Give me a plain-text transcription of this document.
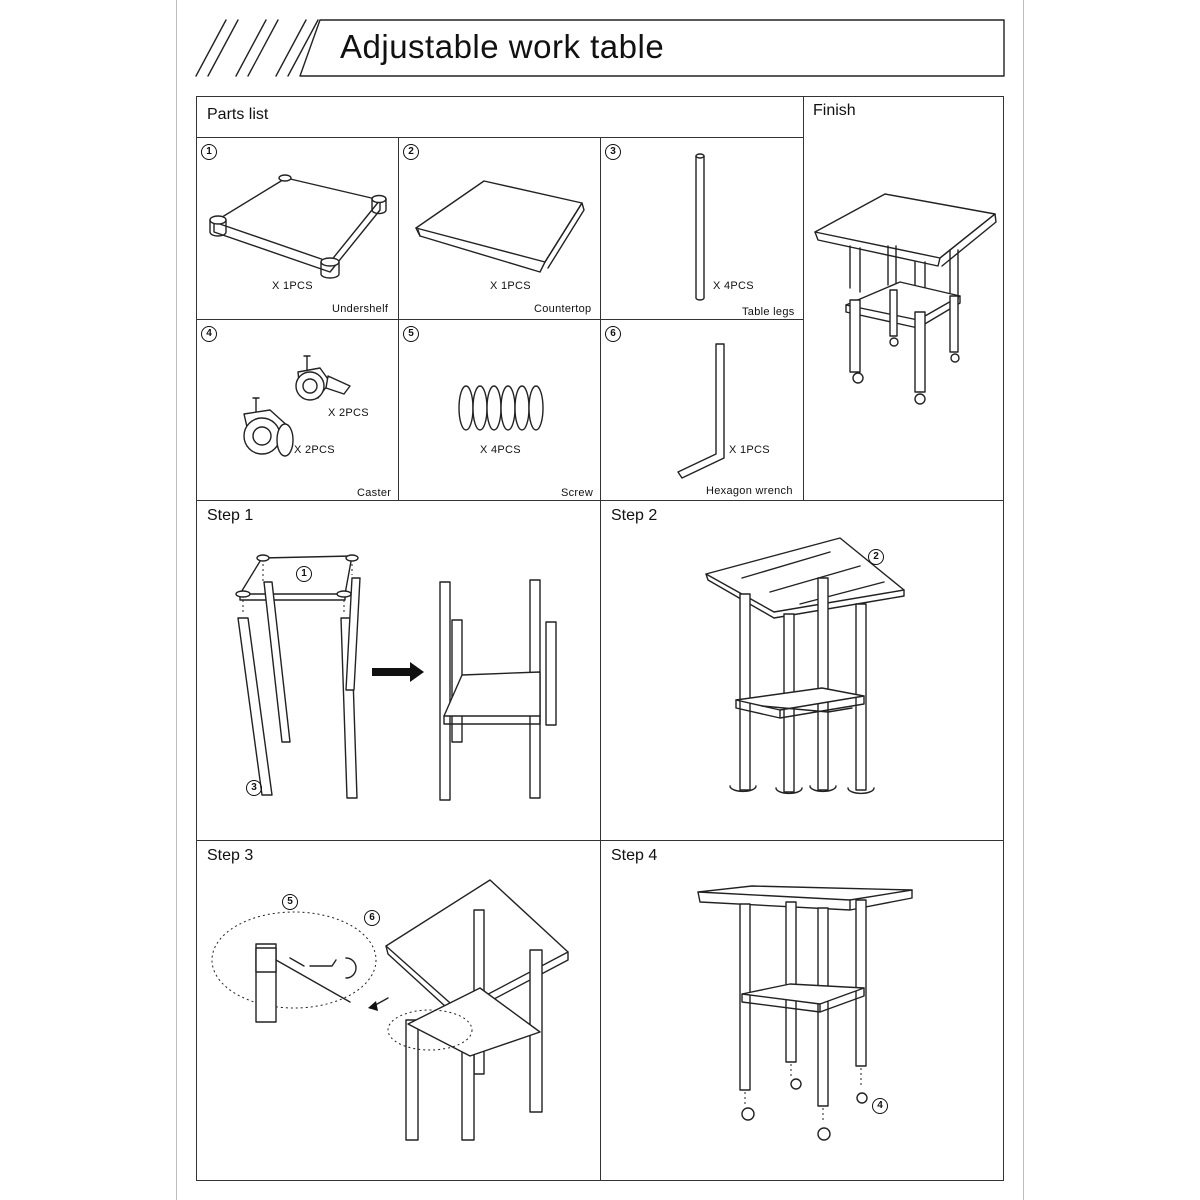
Adjustable work table
Parts list	Finish
1	2	3
4	5	6
X 1PCS
Undershelf
X 1PCS
Countertop
X 4PCS
Table legs
X 2PCS
X 2PCS
Caster
X 4PCS
Screw
X 1PCS
Hexagon wrench
Step 1	Step 2
Step 3	Step 4
1
3
2
5
6
4
